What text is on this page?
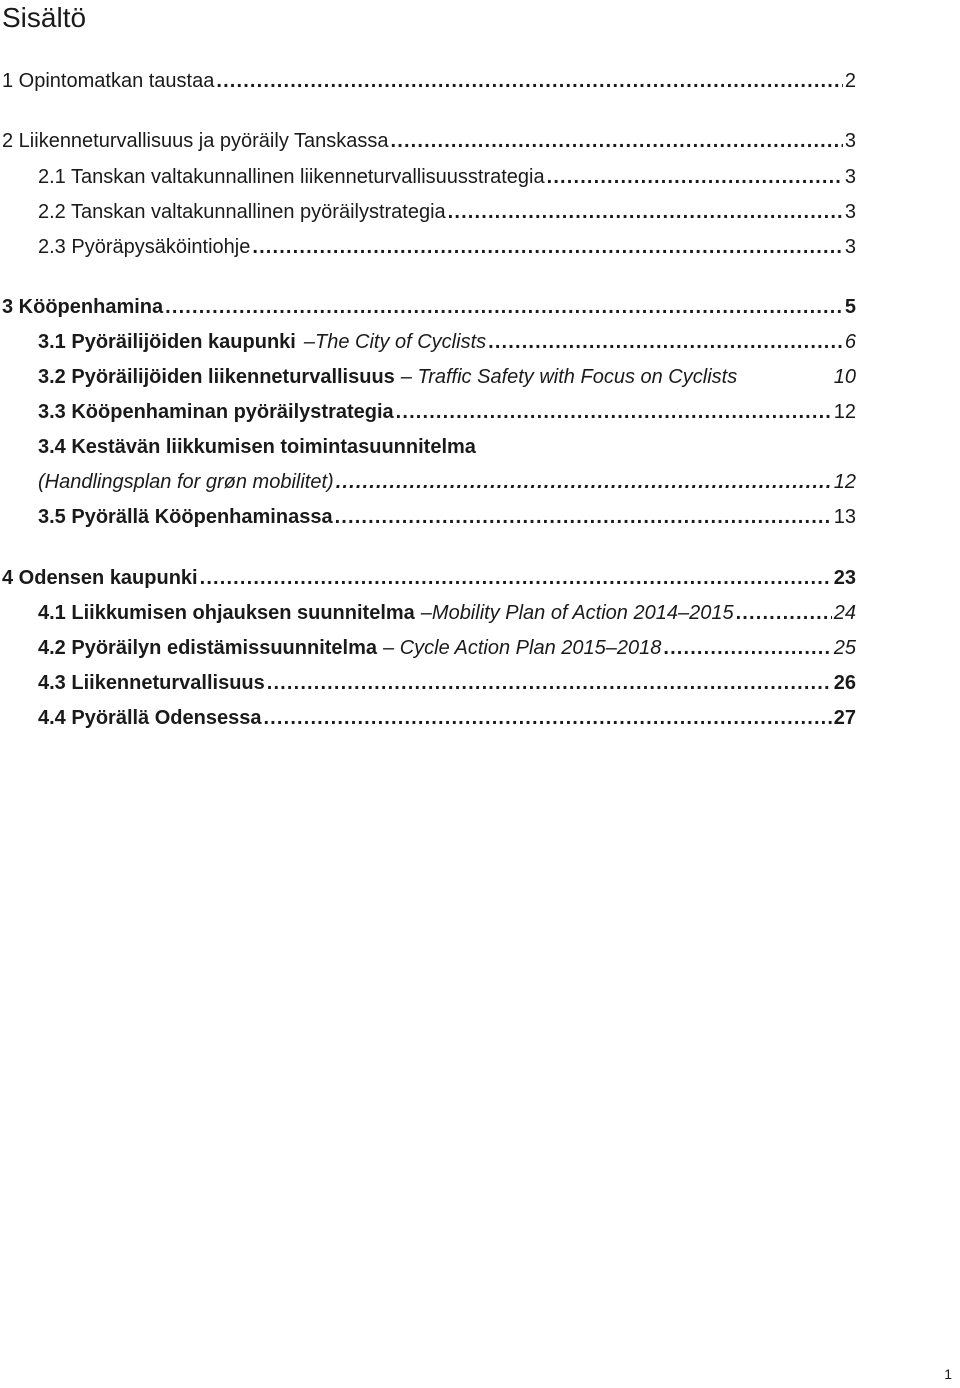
Sisältö
1 Opintomatkan taustaa . . .	2
2 Liikenneturvallisuus ja pyöräily Tanskassa . . .	3
2.1 Tanskan valtakunnallinen liikenneturvallisuusstrategia . . .	3
2.2 Tanskan valtakunnallinen pyöräilystrategia . . .	3
2.3 Pyöräpysäköintiohje . . .	3
3 Kööpenhamina . . .	5
3.1 Pyöräilijöiden kaupunki –The City of Cyclists . . .	6
3.2 Pyöräilijöiden liikenneturvallisuus – Traffic Safety with Focus on Cyclists	10
3.3 Kööpenhaminan pyöräilystrategia . . .	12
3.4 Kestävän liikkumisen toimintasuunnitelma
(Handlingsplan for grøn mobilitet) . . .	12
3.5 Pyörällä Kööpenhaminassa . . .	13
4 Odensen kaupunki . . .	23
4.1 Liikkumisen ohjauksen suunnitelma –Mobility Plan of Action 2014–2015 . . .	24
4.2 Pyöräilyn edistämissuunnitelma – Cycle Action Plan 2015–2018 . . .	25
4.3 Liikenneturvallisuus . . .	26
4.4 Pyörällä Odensessa . . .	27
1
